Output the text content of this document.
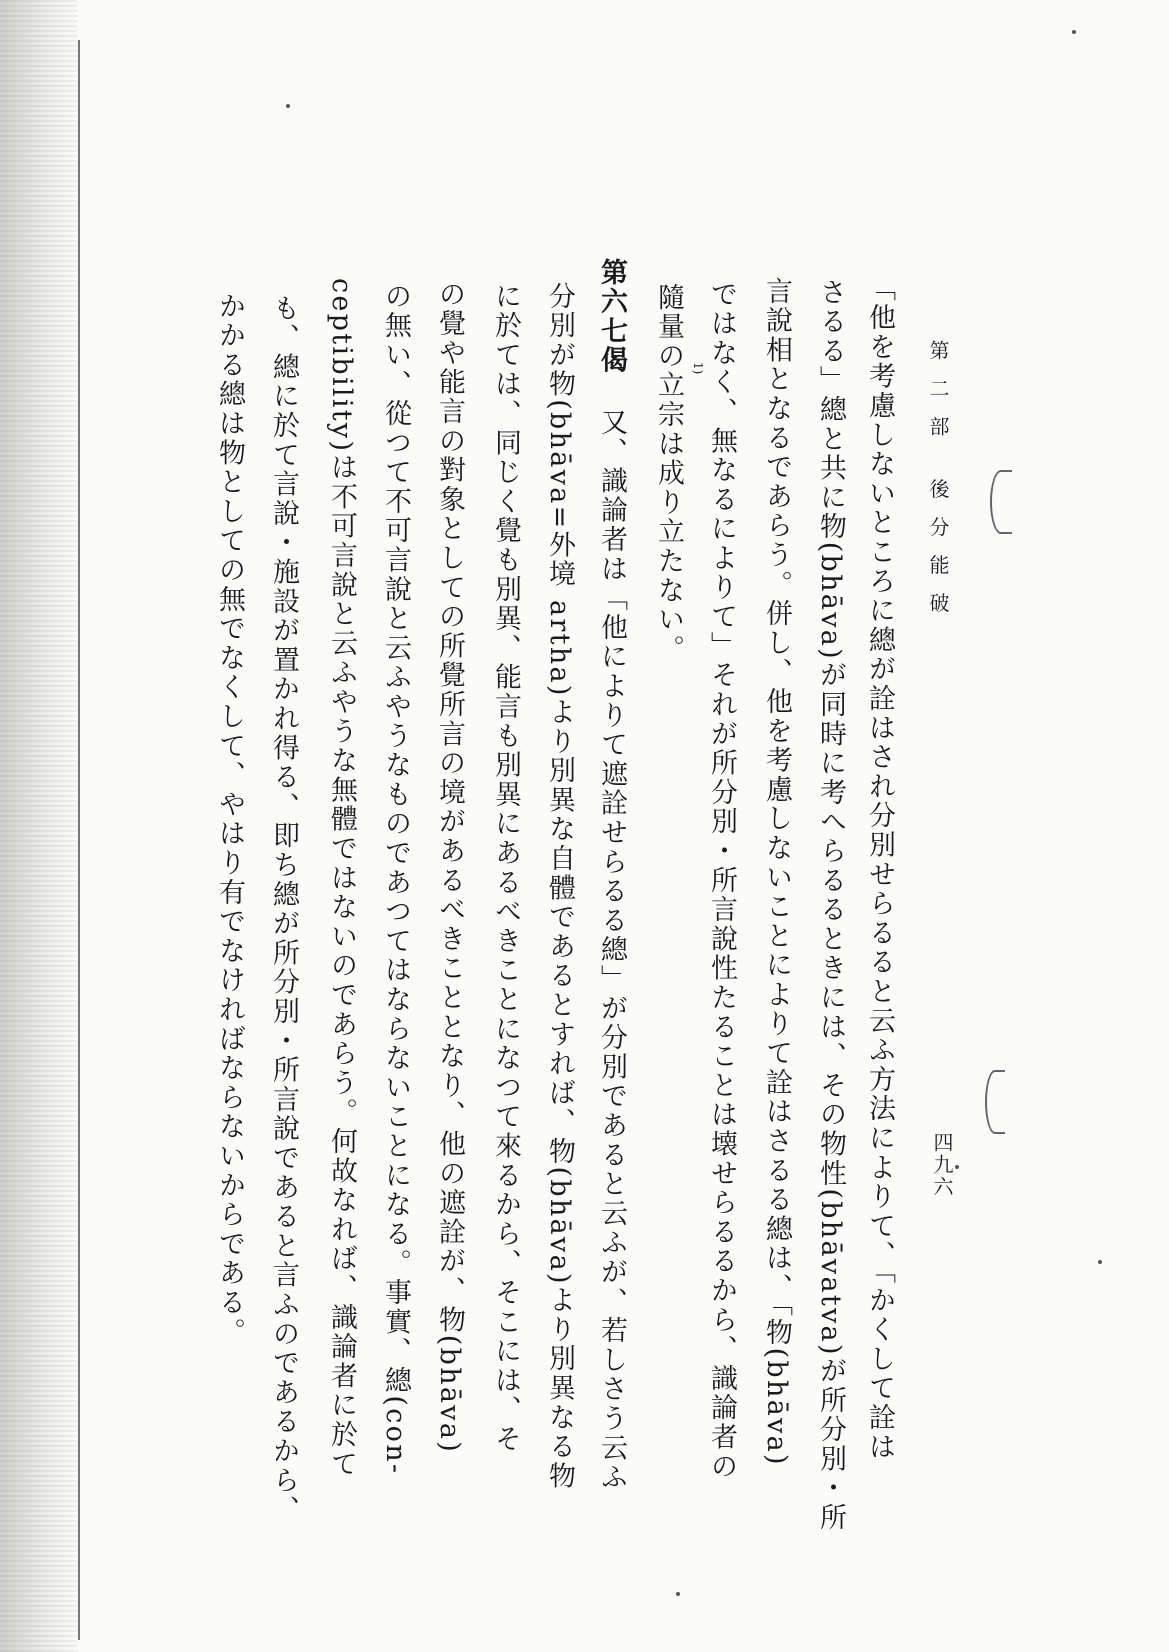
第二部 後分能破
四九六
「他を考慮しないところに總が詮はされ分別せらるると云ふ方法によりて、「かくして詮は
さるる」總と共に物(bhāva)が同時に考へらるるときには、その物性(bhāvatva)が所分別・所
言說相となるであらう。併し、他を考慮しないことによりて詮はさるる總は、「物(bhāva)
ではなく、無なるによりて」それが所分別・所言說性たることは壊せらるるから、識論者の
隨量の立宗は成り立たない。 1)
第六七偈
又、識論者は「他によりて遮詮せらるる總」が分別であると云ふが、若しさう云ふ
分別が物(bhāva=外境 artha)より別異な自體であるとすれば、物(bhāva)より別異なる物
に於ては、同じく覺も別異、能言も別異にあるべきことになつて來るから、そこには、そ
の覺や能言の對象としての所覺所言の境があるべきこととなり、他の遮詮が、物(bhāva)
の無い、從つて不可言說と云ふやうなものであつてはならないことになる。事實、總(con-
ceptibility)は不可言說と云ふやうな無體ではないのであらう。何故なれば、識論者に於て
も、總に於て言說・施設が置かれ得る、即ち總が所分別・所言說であると言ふのであるから、
かかる總は物としての無でなくして、やはり有でなければならないからである。
